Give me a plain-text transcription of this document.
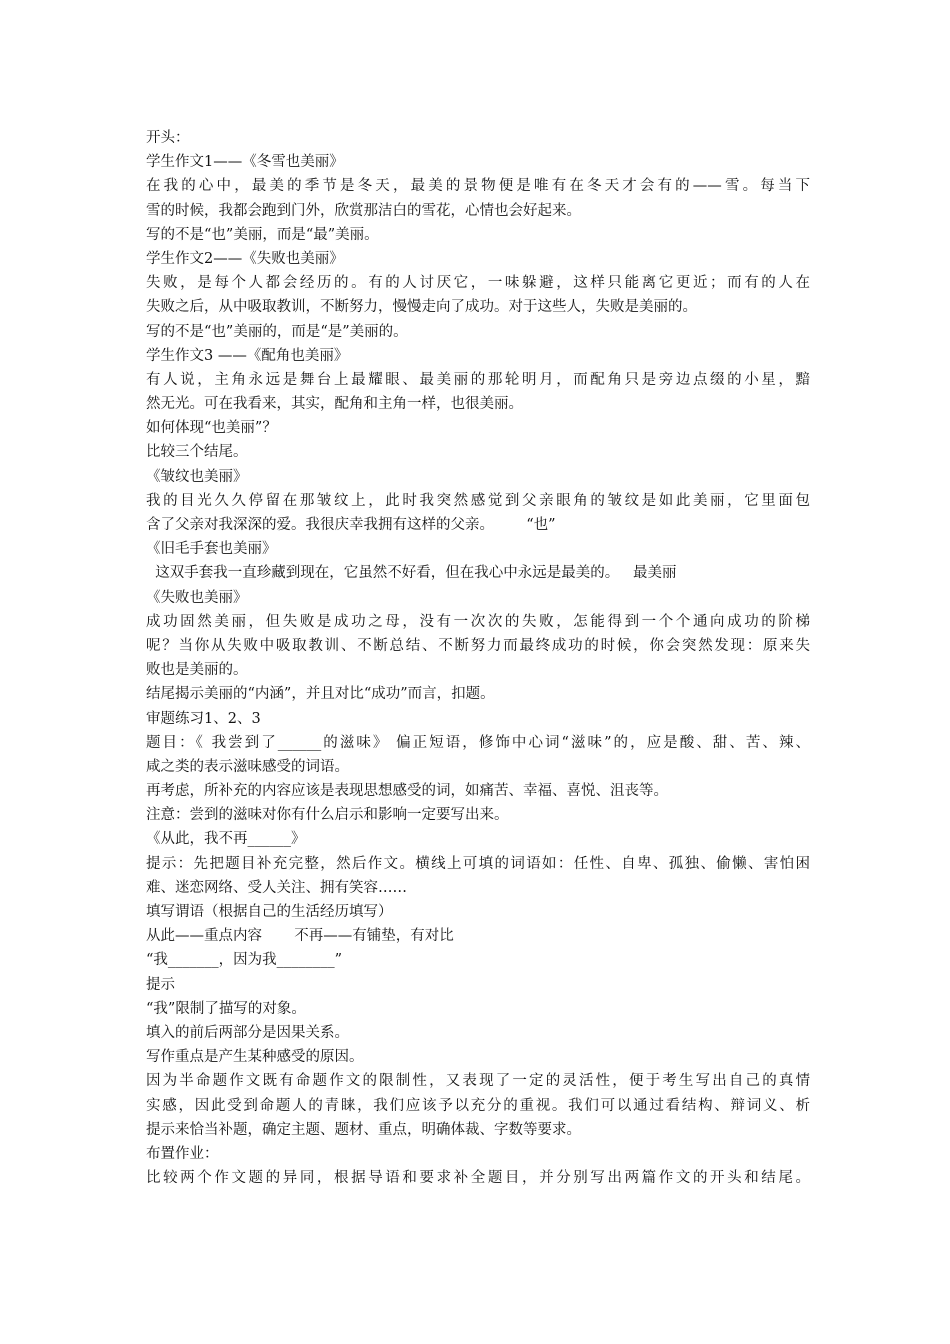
开头：
学生作文1——《冬雪也美丽》
在我的心中，最美的季节是冬天，最美的景物便是唯有在冬天才会有的——雪。每当下
雪的时候，我都会跑到门外，欣赏那洁白的雪花，心情也会好起来。
写的不是“也”美丽，而是“最”美丽。
学生作文2——《失败也美丽》
失败，是每个人都会经历的。有的人讨厌它，一味躲避，这样只能离它更近；而有的人在
失败之后，从中吸取教训，不断努力，慢慢走向了成功。对于这些人，失败是美丽的。
写的不是“也”美丽的，而是“是”美丽的。
学生作文3 ——《配角也美丽》
有人说，主角永远是舞台上最耀眼、最美丽的那轮明月，而配角只是旁边点缀的小星，黯
然无光。可在我看来，其实，配角和主角一样，也很美丽。
如何体现“也美丽”？
比较三个结尾。
《皱纹也美丽》
我的目光久久停留在那皱纹上，此时我突然感觉到父亲眼角的皱纹是如此美丽，它里面包
含了父亲对我深深的爱。我很庆幸我拥有这样的父亲。       “也”
《旧毛手套也美丽》
这双手套我一直珍藏到现在，它虽然不好看，但在我心中永远是最美的。   最美丽
《失败也美丽》
成功固然美丽，但失败是成功之母，没有一次次的失败，怎能得到一个个通向成功的阶梯
呢？当你从失败中吸取教训、不断总结、不断努力而最终成功的时候，你会突然发现：原来失
败也是美丽的。
结尾揭示美丽的“内涵”，并且对比“成功”而言，扣题。
审题练习1、2、3
题目：《 我尝到了______的滋味》 偏正短语，修饰中心词“滋味”的，应是酸、甜、苦、辣、
咸之类的表示滋味感受的词语。
再考虑，所补充的内容应该是表现思想感受的词，如痛苦、幸福、喜悦、沮丧等。
注意：尝到的滋味对你有什么启示和影响一定要写出来。
《从此，我不再______》
提示：先把题目补充完整，然后作文。横线上可填的词语如：任性、自卑、孤独、偷懒、害怕困
难、迷恋网络、受人关注、拥有笑容……
填写谓语（根据自己的生活经历填写）
从此——重点内容       不再——有铺垫，有对比
“我_______，因为我________”
提示
“我”限制了描写的对象。
填入的前后两部分是因果关系。
写作重点是产生某种感受的原因。
因为半命题作文既有命题作文的限制性，又表现了一定的灵活性，便于考生写出自己的真情
实感，因此受到命题人的青睐，我们应该予以充分的重视。我们可以通过看结构、辩词义、析
提示来恰当补题，确定主题、题材、重点，明确体裁、字数等要求。
布置作业：
比较两个作文题的异同，根据导语和要求补全题目，并分别写出两篇作文的开头和结尾。
